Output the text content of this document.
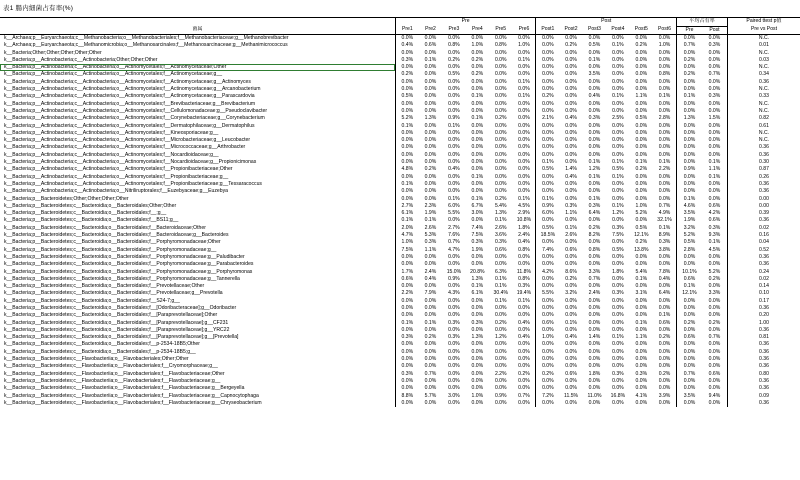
表1 腸内細菌占有率(%)
	Pre						Post						平均占有率		Paired ttest p值
菌属	Pre1	Pre2	Pre3	Pre4	Pre5	Pre6	Post1	Post2	Post3	Post4	Post5	Post6	Pre	Post	Pre vs Post
k__Archaea;p__Euryarchaeota;c__Methanobacteria;o__Methanobacteriales;f__Methanobacteriaceae;g__Methanobrevibacter	0.0%	0.0%	0.0%	0.0%	0.0%	0.0%	0.0%	0.0%	0.0%	0.0%	0.0%	0.0%	0.0%	0.0%	N.C.
k__Archaea;p__Euryarchaeota;c__Methanomicrobia;o__Methanosarcinales;f__Methanosarcinaceae;g__Methanimicrococcus	0.4%	0.6%	0.8%	1.0%	0.8%	1.0%	0.0%	0.2%	0.5%	0.1%	0.2%	1.0%	0.7%	0.3%	0.01
k__Bacteria;Other;Other;Other;Other;Other	0.0%	0.0%	0.0%	0.0%	0.0%	0.0%	0.0%	0.0%	0.0%	0.0%	0.0%	0.0%	0.0%	0.0%	N.C.
k__Bacteria;p__Actinobacteria;c__Actinobacteria;Other;Other;Other	0.3%	0.1%	0.2%	0.2%	0.0%	0.1%	0.0%	0.0%	0.1%	0.0%	0.0%	0.0%	0.2%	0.0%	0.03
k__Bacteria;p__Actinobacteria;c__Actinobacteria;o__Actinomycetales;f__Actinomycetaceae;Other	0.0%	0.0%	0.0%	0.0%	0.0%	0.0%	0.0%	0.0%	0.0%	0.0%	0.0%	0.0%	0.0%	0.0%	N.C.
k__Bacteria;p__Actinobacteria;c__Actinobacteria;o__Actinomycetales;f__Actinomycetaceae;g__	0.2%	0.0%	0.5%	0.2%	0.0%	0.0%	0.0%	0.0%	3.5%	0.0%	0.0%	0.8%	0.2%	0.7%	0.34
k__Bacteria;p__Actinobacteria;c__Actinobacteria;o__Actinomycetales;f__Actinomycetaceae;g__Actinomyces	0.0%	0.0%	0.0%	0.0%	0.0%	0.1%	0.0%	0.0%	0.0%	0.0%	0.0%	0.0%	0.0%	0.0%	0.36
k__Bacteria;p__Actinobacteria;c__Actinobacteria;o__Actinomycetales;f__Actinomycetaceae;g__Arcanobacterium	0.0%	0.0%	0.0%	0.0%	0.0%	0.0%	0.0%	0.0%	0.0%	0.0%	0.0%	0.0%	0.0%	0.0%	N.C.
k__Bacteria;p__Actinobacteria;c__Actinobacteria;o__Actinomycetales;f__Actinomycetaceae;g__Parascardovia	0.5%	0.0%	0.0%	0.1%	0.0%	0.1%	0.2%	0.0%	0.4%	0.1%	1.1%	0.1%	0.1%	0.3%	0.33
k__Bacteria;p__Actinobacteria;c__Actinobacteria;o__Actinomycetales;f__Brevibacteriaceae;g__Brevibacterium	0.0%	0.0%	0.0%	0.0%	0.0%	0.0%	0.0%	0.0%	0.0%	0.0%	0.0%	0.0%	0.0%	0.0%	N.C.
k__Bacteria;p__Actinobacteria;c__Actinobacteria;o__Actinomycetales;f__Cellulomonadaceae;g__Pseudoclavibacter	0.0%	0.0%	0.0%	0.0%	0.0%	0.0%	0.0%	0.0%	0.0%	0.0%	0.0%	0.0%	0.0%	0.0%	N.C.
k__Bacteria;p__Actinobacteria;c__Actinobacteria;o__Actinomycetales;f__Corynebacteriaceae;g__Corynebacterium	5.2%	1.3%	0.9%	0.1%	0.2%	0.0%	2.1%	0.4%	0.3%	2.5%	0.5%	2.8%	1.3%	1.5%	0.82
k__Bacteria;p__Actinobacteria;c__Actinobacteria;o__Actinomycetales;f__Dermatophilaceae;g__Dermatophilus	0.1%	0.0%	0.1%	0.0%	0.0%	0.0%	0.0%	0.0%	0.0%	0.0%	0.0%	0.0%	0.0%	0.0%	0.61
k__Bacteria;p__Actinobacteria;c__Actinobacteria;o__Actinomycetales;f__Kineosporiaceae;g__	0.0%	0.0%	0.0%	0.0%	0.0%	0.0%	0.0%	0.0%	0.0%	0.0%	0.0%	0.0%	0.0%	0.0%	N.C.
k__Bacteria;p__Actinobacteria;c__Actinobacteria;o__Actinomycetales;f__Microbacteriaceae;g__Leucobacter	0.0%	0.0%	0.0%	0.0%	0.0%	0.0%	0.0%	0.0%	0.0%	0.0%	0.0%	0.0%	0.0%	0.0%	N.C.
k__Bacteria;p__Actinobacteria;c__Actinobacteria;o__Actinomycetales;f__Micrococcaceae;g__Arthrobacter	0.0%	0.0%	0.0%	0.0%	0.0%	0.0%	0.0%	0.0%	0.0%	0.0%	0.0%	0.0%	0.0%	0.0%	0.36
k__Bacteria;p__Actinobacteria;c__Actinobacteria;o__Actinomycetales;f__Nocardioidaceae;g__	0.0%	0.0%	0.0%	0.0%	0.0%	0.0%	0.0%	0.0%	0.0%	0.0%	0.0%	0.0%	0.0%	0.0%	0.36
k__Bacteria;p__Actinobacteria;c__Actinobacteria;o__Actinomycetales;f__Nocardioidaceae;g__Propionicimonas	0.0%	0.0%	0.0%	0.0%	0.0%	0.0%	0.1%	0.0%	0.1%	0.1%	0.1%	0.1%	0.0%	0.1%	0.30
k__Bacteria;p__Actinobacteria;c__Actinobacteria;o__Actinomycetales;f__Propionibacteriaceae;Other	4.8%	0.2%	0.4%	0.0%	0.0%	0.0%	0.5%	1.4%	1.2%	0.5%	0.2%	2.2%	0.9%	1.1%	0.87
k__Bacteria;p__Actinobacteria;c__Actinobacteria;o__Actinomycetales;f__Propionibacteriaceae;g__	0.0%	0.0%	0.0%	0.1%	0.0%	0.0%	0.0%	0.4%	0.1%	0.1%	0.0%	0.0%	0.0%	0.1%	0.26
k__Bacteria;p__Actinobacteria;c__Actinobacteria;o__Actinomycetales;f__Propionibacteriaceae;g__Tessaracoccus	0.1%	0.0%	0.0%	0.0%	0.0%	0.0%	0.0%	0.0%	0.0%	0.0%	0.0%	0.0%	0.0%	0.0%	0.36
k__Bacteria;p__Actinobacteria;c__Actinobacteria;o__Nitriliruptorales;f__Euzebyaceae;g__Euzebya	0.0%	0.0%	0.0%	0.0%	0.0%	0.0%	0.0%	0.0%	0.0%	0.0%	0.0%	0.0%	0.0%	0.0%	0.36
k__Bacteria;p__Bacteroidetes;Other;Other;Other;Other	0.0%	0.0%	0.1%	0.1%	0.2%	0.1%	0.1%	0.0%	0.1%	0.0%	0.0%	0.0%	0.1%	0.0%	0.00
k__Bacteria;p__Bacteroidetes;c__Bacteroidia;o__Bacteroidales;Other;Other	2.7%	2.3%	6.0%	6.7%	5.4%	4.5%	0.9%	0.3%	0.3%	0.1%	1.0%	0.7%	4.6%	0.6%	0.00
k__Bacteria;p__Bacteroidetes;c__Bacteroidia;o__Bacteroidales;f__;g__	6.1%	1.9%	5.5%	3.0%	1.3%	2.9%	6.0%	1.1%	6.4%	1.2%	5.2%	4.9%	3.5%	4.2%	0.39
k__Bacteria;p__Bacteroidetes;c__Bacteroidia;o__Bacteroidales;f__BS11;g__	0.1%	0.1%	0.0%	0.0%	0.1%	10.8%	0.0%	0.0%	0.0%	0.0%	0.0%	32.1%	1.9%	0.6%	0.36
k__Bacteria;p__Bacteroidetes;c__Bacteroidia;o__Bacteroidales;f__Bacteroidaceae;Other	2.0%	2.6%	2.7%	7.4%	2.6%	1.8%	0.5%	0.1%	0.2%	0.3%	0.5%	0.1%	3.2%	0.3%	0.02
k__Bacteria;p__Bacteroidetes;c__Bacteroidia;o__Bacteroidales;f__Bacteroidaceae;g__Bacteroides	4.7%	5.3%	7.6%	7.5%	3.6%	2.4%	18.5%	2.6%	8.2%	7.5%	12.1%	8.9%	5.2%	9.3%	0.16
k__Bacteria;p__Bacteroidetes;c__Bacteroidia;o__Bacteroidales;f__Porphyromonadaceae;Other	1.0%	0.3%	0.7%	0.3%	0.3%	0.4%	0.0%	0.0%	0.0%	0.0%	0.2%	0.3%	0.5%	0.1%	0.04
k__Bacteria;p__Bacteroidetes;c__Bacteroidia;o__Bacteroidales;f__Porphyromonadaceae;g__	7.5%	1.1%	4.7%	1.9%	0.6%	0.8%	7.4%	0.6%	0.8%	0.5%	13.8%	3.8%	2.8%	4.5%	0.52
k__Bacteria;p__Bacteroidetes;c__Bacteroidia;o__Bacteroidales;f__Porphyromonadaceae;g__Paludibacter	0.0%	0.0%	0.0%	0.0%	0.0%	0.0%	0.0%	0.0%	0.0%	0.0%	0.0%	0.0%	0.0%	0.0%	0.36
k__Bacteria;p__Bacteroidetes;c__Bacteroidia;o__Bacteroidales;f__Porphyromonadaceae;g__Parabacteroides	0.0%	0.0%	0.0%	0.0%	0.0%	0.0%	0.0%	0.0%	0.0%	0.0%	0.0%	0.0%	0.0%	0.0%	0.36
k__Bacteria;p__Bacteroidetes;c__Bacteroidia;o__Bacteroidales;f__Porphyromonadaceae;g__Porphyromonas	1.7%	2.4%	15.0%	20.8%	6.3%	11.8%	4.2%	8.6%	3.3%	1.8%	5.4%	7.8%	10.1%	5.2%	0.24
k__Bacteria;p__Bacteroidetes;c__Bacteroidia;o__Bacteroidales;f__Porphyromonadaceae;g__Tannerella	0.6%	0.4%	0.9%	1.3%	0.1%	0.8%	0.0%	0.2%	0.7%	0.0%	0.1%	0.4%	0.6%	0.2%	0.02
k__Bacteria;p__Bacteroidetes;c__Bacteroidia;o__Bacteroidales;f__Prevotellaceae;Other	0.0%	0.0%	0.0%	0.1%	0.1%	0.3%	0.0%	0.0%	0.0%	0.0%	0.0%	0.0%	0.1%	0.0%	0.14
k__Bacteria;p__Bacteroidetes;c__Bacteroidia;o__Bacteroidales;f__Prevotellaceae;g__Prevotella	2.2%	7.9%	4.3%	6.1%	30.4%	19.4%	5.5%	3.2%	2.4%	0.3%	3.1%	6.4%	12.1%	3.3%	0.10
k__Bacteria;p__Bacteroidetes;c__Bacteroidia;o__Bacteroidales;f__S24-7;g__	0.0%	0.0%	0.0%	0.0%	0.1%	0.1%	0.0%	0.0%	0.0%	0.0%	0.0%	0.0%	0.0%	0.0%	0.17
k__Bacteria;p__Bacteroidetes;c__Bacteroidia;o__Bacteroidales;f__[Odoribacteraceae];g__Odoribacter	0.0%	0.0%	0.0%	0.0%	0.0%	0.0%	0.0%	0.0%	0.0%	0.0%	0.0%	0.0%	0.0%	0.0%	0.36
k__Bacteria;p__Bacteroidetes;c__Bacteroidia;o__Bacteroidales;f__[Paraprevotellaceae];Other	0.0%	0.0%	0.0%	0.0%	0.0%	0.0%	0.0%	0.0%	0.0%	0.0%	0.0%	0.1%	0.0%	0.0%	0.20
k__Bacteria;p__Bacteroidetes;c__Bacteroidia;o__Bacteroidales;f__[Paraprevotellaceae];g__CF231	0.1%	0.1%	0.3%	0.3%	0.2%	0.4%	0.6%	0.1%	0.0%	0.0%	0.1%	0.6%	0.2%	0.2%	1.00
k__Bacteria;p__Bacteroidetes;c__Bacteroidia;o__Bacteroidales;f__[Paraprevotellaceae];g__YRC22	0.0%	0.0%	0.0%	0.0%	0.0%	0.0%	0.0%	0.0%	0.0%	0.0%	0.0%	0.0%	0.0%	0.0%	0.36
k__Bacteria;p__Bacteroidetes;c__Bacteroidia;o__Bacteroidales;f__[Paraprevotellaceae];g__[Prevotella]	0.3%	0.2%	0.3%	1.3%	1.2%	0.4%	1.0%	0.4%	1.4%	0.1%	1.1%	0.2%	0.6%	0.7%	0.81
k__Bacteria;p__Bacteroidetes;c__Bacteroidia;o__Bacteroidales;f__p-2534-18B5;Other	0.0%	0.0%	0.0%	0.0%	0.0%	0.0%	0.0%	0.0%	0.0%	0.0%	0.0%	0.0%	0.0%	0.0%	0.36
k__Bacteria;p__Bacteroidetes;c__Bacteroidia;o__Bacteroidales;f__p-2534-18B5;g__	0.0%	0.0%	0.0%	0.0%	0.0%	0.0%	0.0%	0.0%	0.0%	0.0%	0.0%	0.0%	0.0%	0.0%	0.36
k__Bacteria;p__Bacteroidetes;c__Flavobacteriia;o__Flavobacteriales;Other;Other	0.0%	0.0%	0.0%	0.0%	0.0%	0.0%	0.0%	0.0%	0.0%	0.0%	0.0%	0.0%	0.0%	0.0%	0.36
k__Bacteria;p__Bacteroidetes;c__Flavobacteriia;o__Flavobacteriales;f__Cryomorphaceae;g__	0.0%	0.0%	0.0%	0.0%	0.0%	0.0%	0.0%	0.0%	0.0%	0.0%	0.0%	0.0%	0.0%	0.0%	0.36
k__Bacteria;p__Bacteroidetes;c__Flavobacteriia;o__Flavobacteriales;f__Flavobacteriaceae;Other	0.3%	0.7%	0.0%	0.0%	2.2%	0.2%	0.2%	0.6%	1.8%	0.3%	0.3%	0.2%	0.7%	0.6%	0.80
k__Bacteria;p__Bacteroidetes;c__Flavobacteriia;o__Flavobacteriales;f__Flavobacteriaceae;g__	0.0%	0.0%	0.0%	0.0%	0.0%	0.0%	0.0%	0.0%	0.0%	0.0%	0.0%	0.0%	0.0%	0.0%	0.36
k__Bacteria;p__Bacteroidetes;c__Flavobacteriia;o__Flavobacteriales;f__Flavobacteriaceae;g__Bergeyella	0.0%	0.0%	0.0%	0.0%	0.0%	0.0%	0.0%	0.0%	0.0%	0.0%	0.0%	0.0%	0.0%	0.0%	0.36
k__Bacteria;p__Bacteroidetes;c__Flavobacteriia;o__Flavobacteriales;f__Flavobacteriaceae;g__Capnocytophaga	8.8%	5.7%	3.0%	1.0%	0.9%	0.7%	7.2%	11.5%	11.0%	16.8%	4.1%	3.9%	3.5%	9.4%	0.09
k__Bacteria;p__Bacteroidetes;c__Flavobacteriia;o__Flavobacteriales;f__Flavobacteriaceae;g__Chryseobacterium	0.0%	0.0%	0.0%	0.0%	0.0%	0.0%	0.0%	0.0%	0.0%	0.0%	0.0%	0.0%	0.0%	0.0%	0.36
